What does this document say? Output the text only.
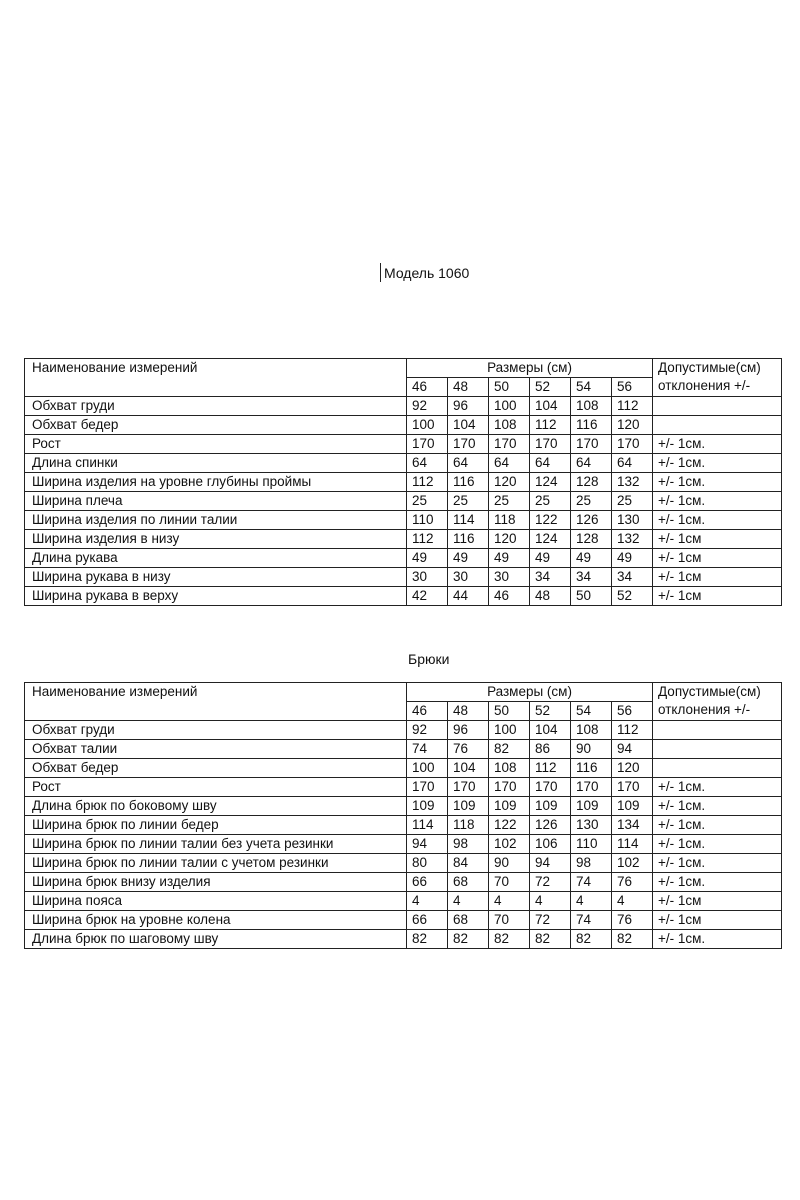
Модель 1060
Наименование измерений	Размеры (см)						Допустимые(см)
отклонения +/-

	46	48	50	52	54	56	
Обхват груди	92	96	100	104	108	112	
Обхват бедер	100	104	108	112	116	120	
Рост	170	170	170	170	170	170	+/- 1см.
Длина спинки	64	64	64	64	64	64	+/- 1см.
Ширина изделия на уровне глубины проймы	112	116	120	124	128	132	+/- 1см.
Ширина плеча	25	25	25	25	25	25	+/- 1см.
Ширина изделия по линии талии	110	114	118	122	126	130	+/- 1см.
Ширина изделия в низу	112	116	120	124	128	132	+/- 1см
Длина рукава	49	49	49	49	49	49	+/- 1см
Ширина рукава в низу	30	30	30	34	34	34	+/- 1см
Ширина рукава в верху	42	44	46	48	50	52	+/- 1см
Брюки
Наименование измерений	Размеры (см)						Допустимые(см)
отклонения +/-

	46	48	50	52	54	56	
Обхват груди	92	96	100	104	108	112	
Обхват талии	74	76	82	86	90	94	
Обхват бедер	100	104	108	112	116	120	
Рост	170	170	170	170	170	170	+/- 1см.
Длина брюк по боковому шву	109	109	109	109	109	109	+/- 1см.
Ширина брюк по линии бедер	114	118	122	126	130	134	+/- 1см.
Ширина брюк по линии талии без учета резинки	94	98	102	106	110	114	+/- 1см.
Ширина брюк по линии талии с учетом резинки	80	84	90	94	98	102	+/- 1см.
Ширина брюк внизу изделия	66	68	70	72	74	76	+/- 1см.
Ширина пояса	4	4	4	4	4	4	+/- 1см
Ширина брюк на уровне колена	66	68	70	72	74	76	+/- 1см
Длина брюк по шаговому шву	82	82	82	82	82	82	+/- 1см.
